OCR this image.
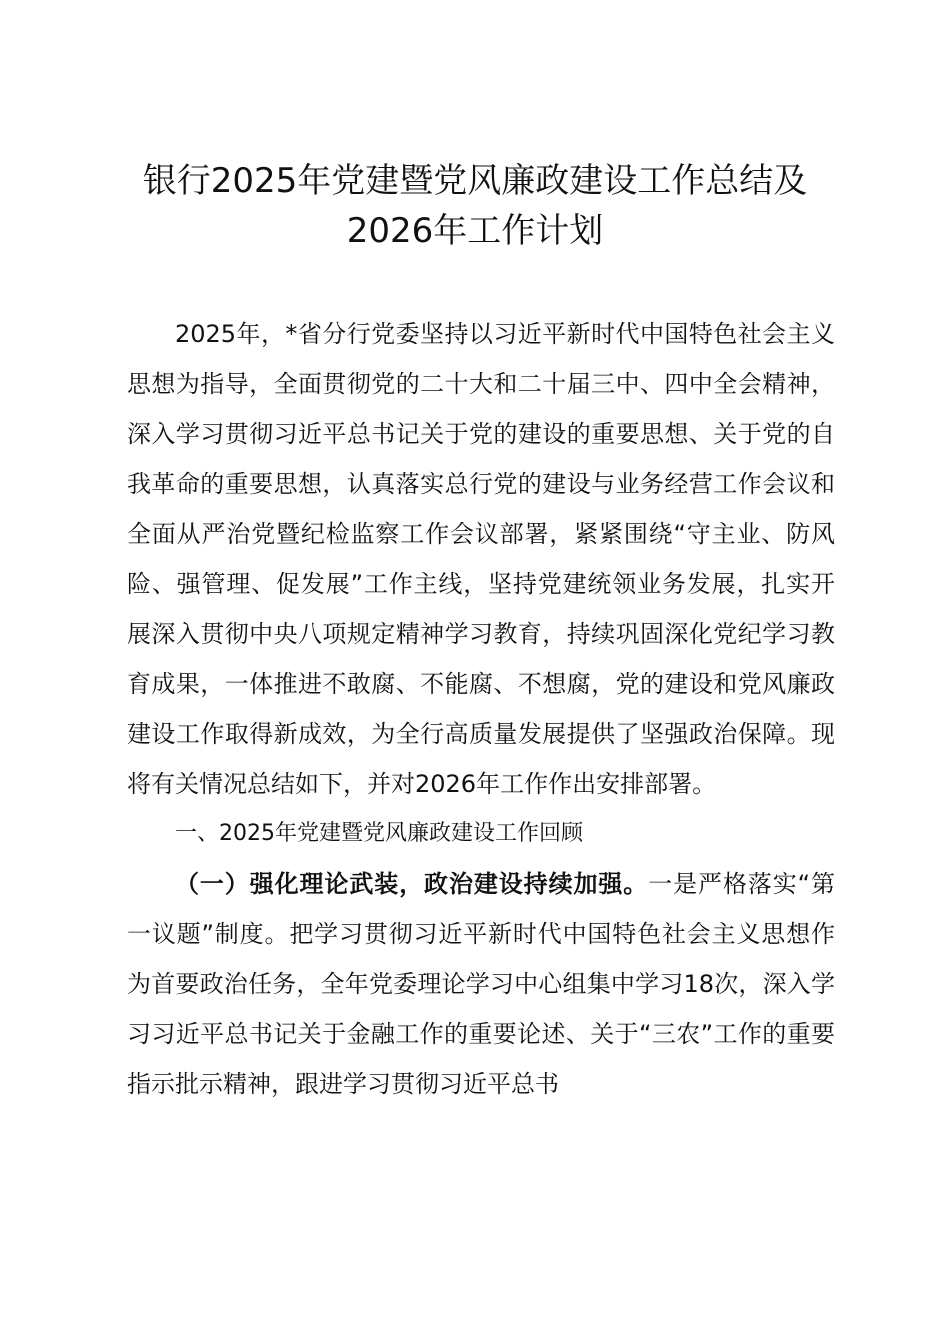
银行2025年党建暨党风廉政建设工作总结及
2026年工作计划

2025年，*省分行党委坚持以习近平新时代中国特色社会主义思想为指导，全面贯彻党的二十大和二十届三中、四中全会精神，深入学习贯彻习近平总书记关于党的建设的重要思想、关于党的自我革命的重要思想，认真落实总行党的建设与业务经营工作会议和全面从严治党暨纪检监察工作会议部署，紧紧围绕“守主业、防风险、强管理、促发展”工作主线，坚持党建统领业务发展，扎实开展深入贯彻中央八项规定精神学习教育，持续巩固深化党纪学习教育成果，一体推进不敢腐、不能腐、不想腐，党的建设和党风廉政建设工作取得新成效，为全行高质量发展提供了坚强政治保障。现将有关情况总结如下，并对2026年工作作出安排部署。

一、2025年党建暨党风廉政建设工作回顾

（一）强化理论武装，政治建设持续加强。一是严格落实“第一议题”制度。把学习贯彻习近平新时代中国特色社会主义思想作为首要政治任务，全年党委理论学习中心组集中学习18次，深入学习习近平总书记关于金融工作的重要论述、关于“三农”工作的重要指示批示精神，跟进学习贯彻习近平总书
